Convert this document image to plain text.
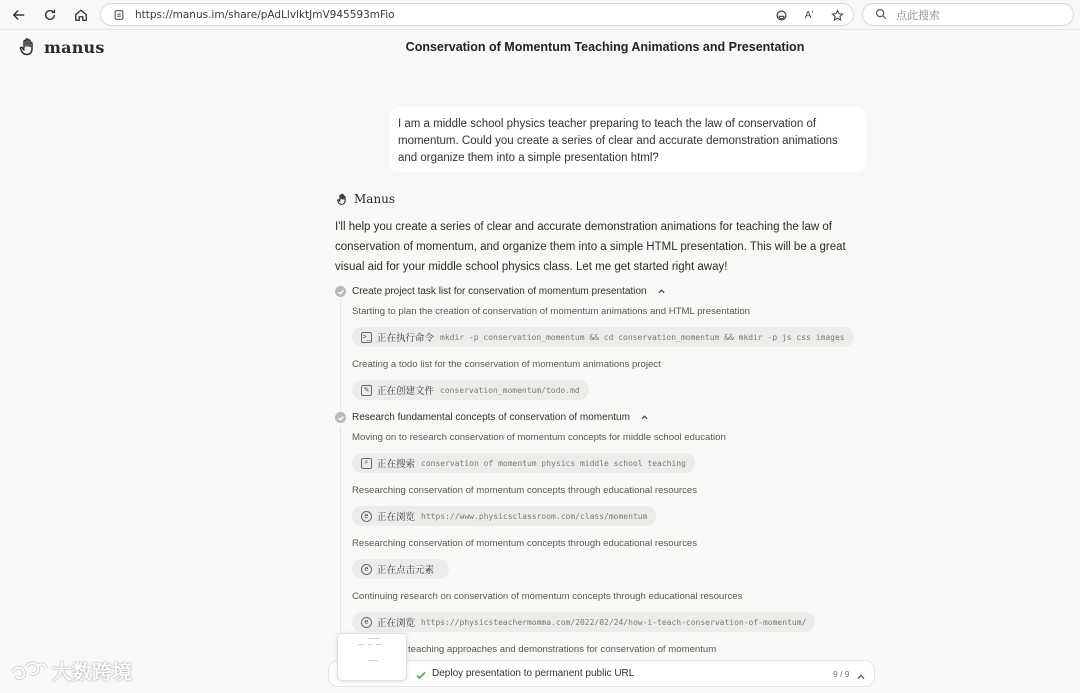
https://manus.im/share/pAdLlvlktJmV945593mFio	Aʹ	点此搜索
manus	Conservation of Momentum Teaching Animations and Presentation
I am a middle school physics teacher preparing to teach the law of conservation of momentum. Could you create a series of clear and accurate demonstration animations and organize them into a simple presentation html?
Manus
I'll help you create a series of clear and accurate demonstration animations for teaching the law of conservation of momentum, and organize them into a simple HTML presentation. This will be a great visual aid for your middle school physics class. Let me get started right away!
Create project task list for conservation of momentum presentation
Starting to plan the creation of conservation of momentum animations and HTML presentation
>_ 正在执行命令 mkdir -p conservation_momentum && cd conservation_momentum && mkdir -p js css images
Creating a todo list for the conservation of momentum animations project
✎ 正在创建文件 conservation_momentum/todo.md
Research fundamental concepts of conservation of momentum
Moving on to research conservation of momentum concepts for middle school education
⌕ 正在搜索 conservation of momentum physics middle school teaching
Researching conservation of momentum concepts through educational resources
e 正在浏览 https://www.physicsclassroom.com/class/momentum
Researching conservation of momentum concepts through educational resources
e 正在点击元素
Continuing research on conservation of momentum concepts through educational resources
e 正在浏览 https://physicsteachermomma.com/2022/02/24/how-i-teach-conservation-of-momentum/
teaching approaches and demonstrations for conservation of momentum
Deploy presentation to permanent public URL	9 / 9
大数跨境
